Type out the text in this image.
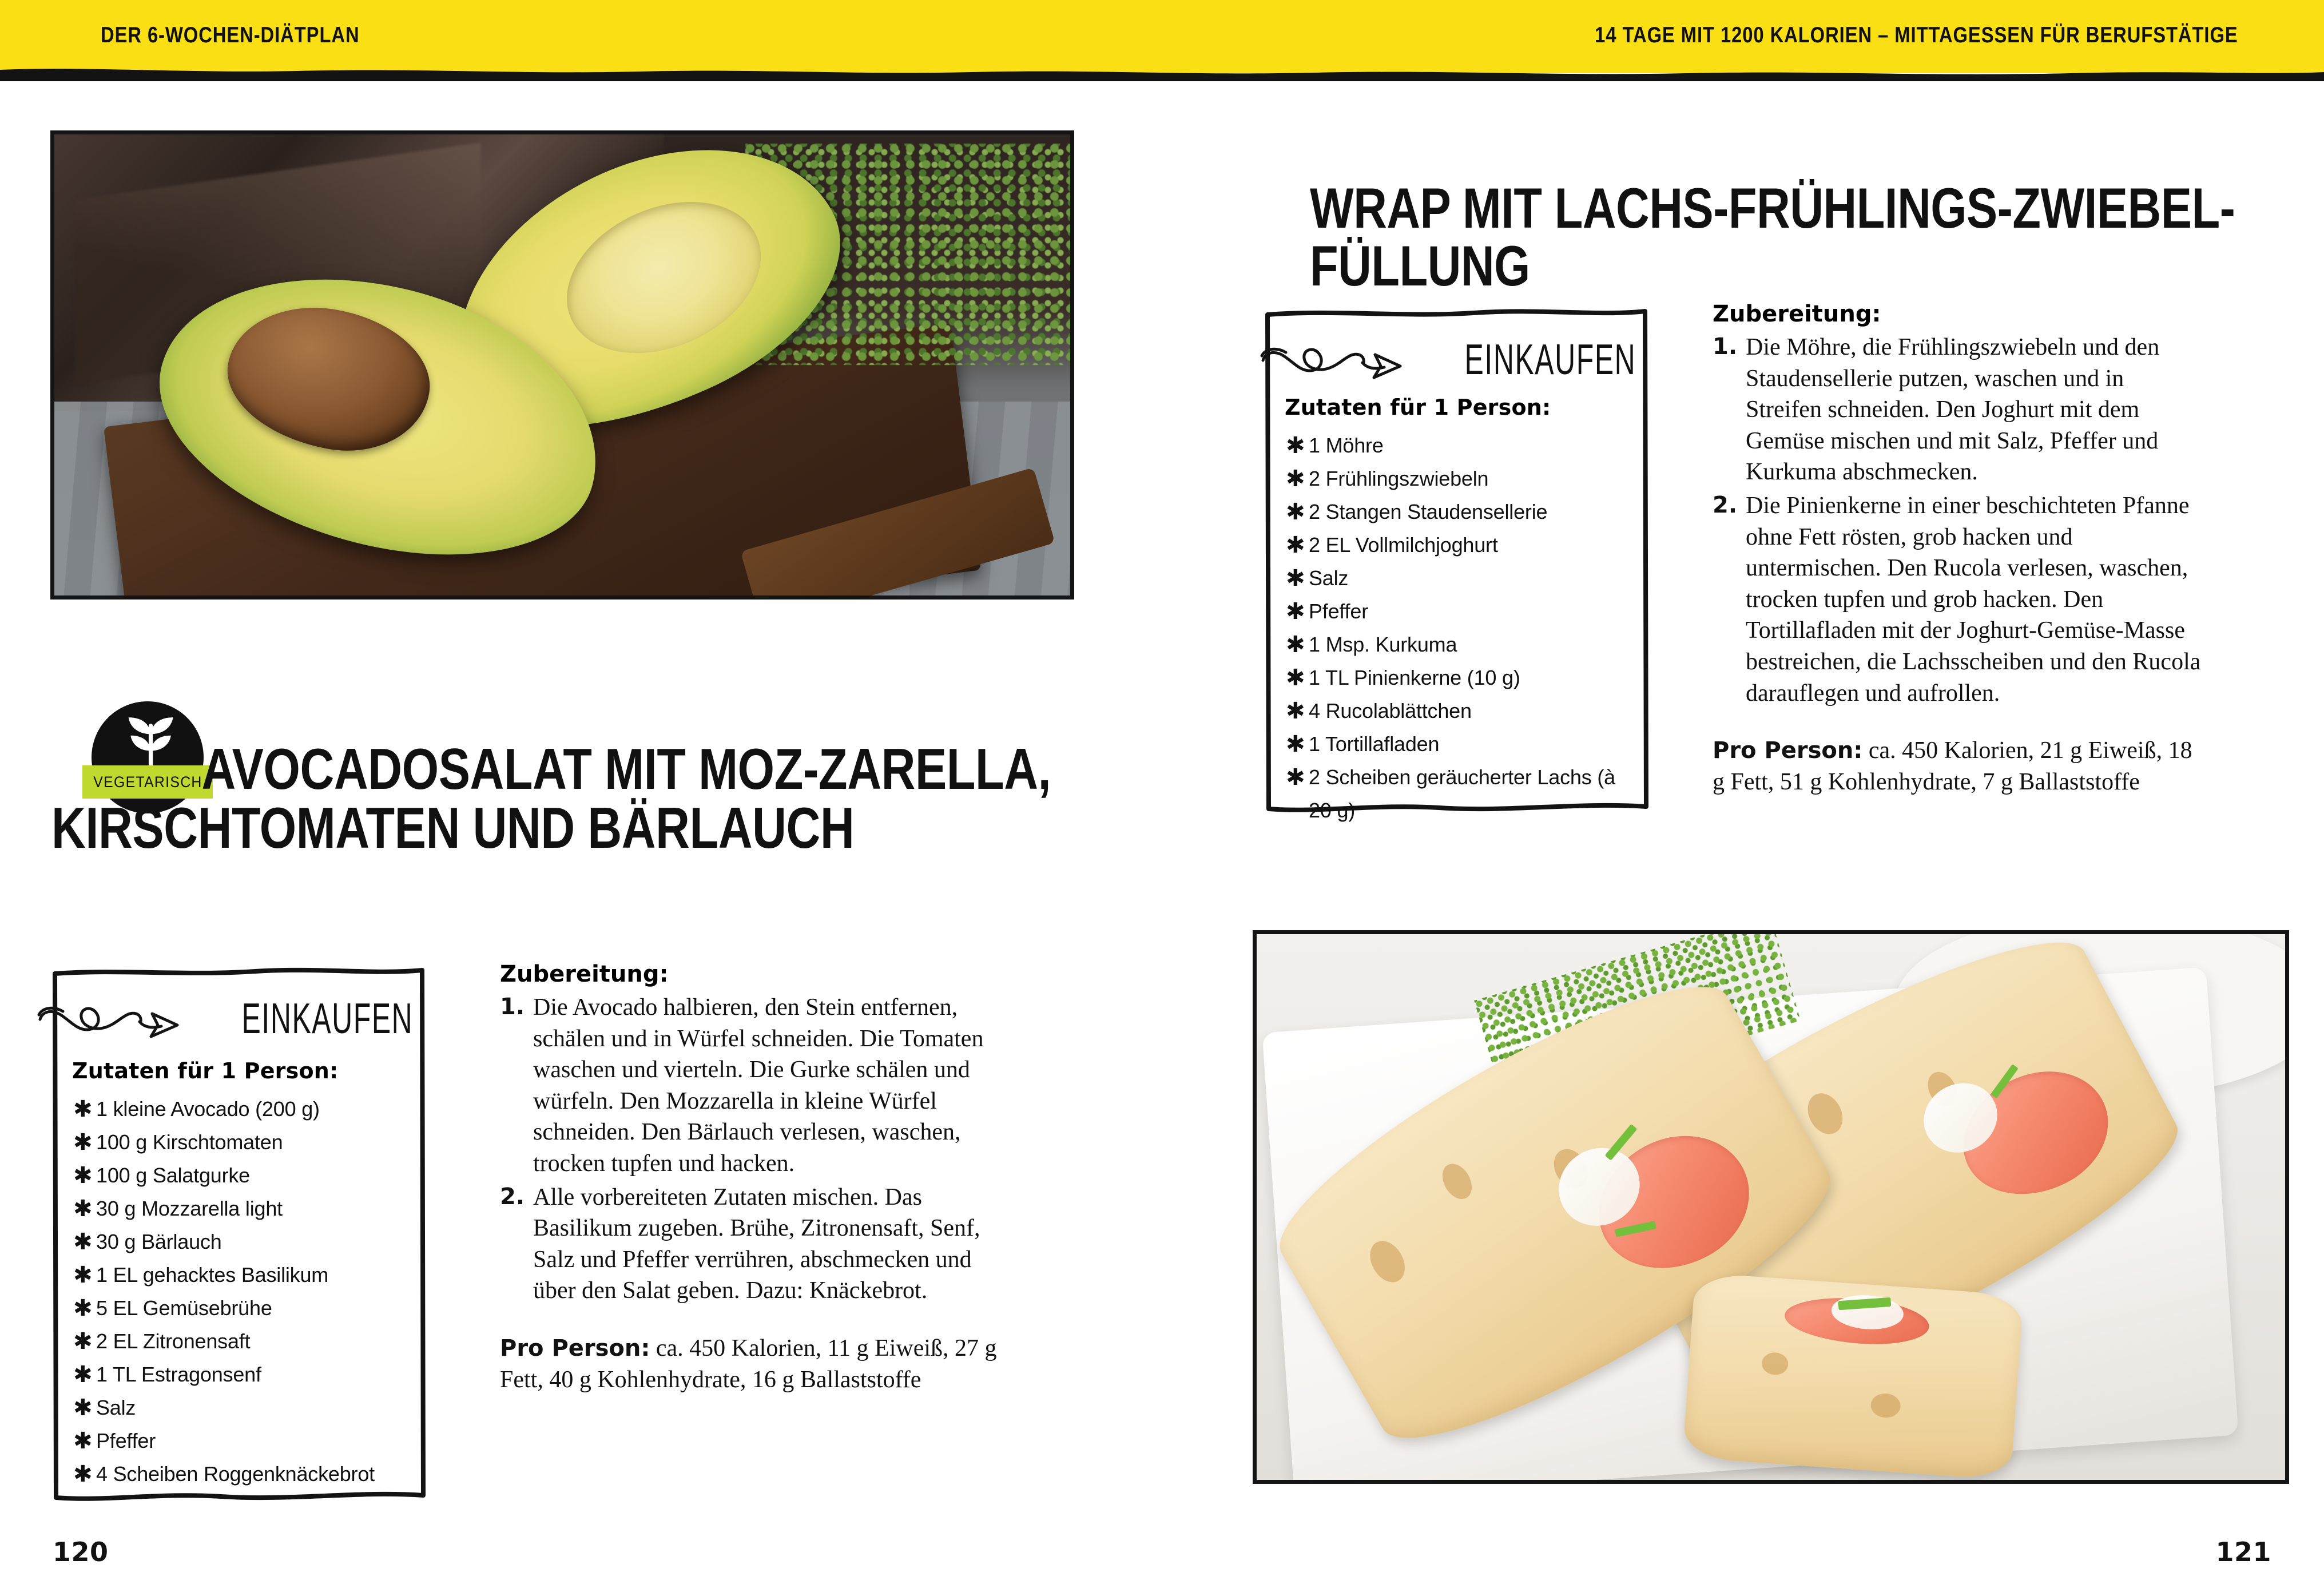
DER 6-WOCHEN-DIÄTPLAN	14 TAGE MIT 1200 KALORIEN – MITTAGESSEN FÜR BERUFSTÄTIGE
VEGETARISCH AVOCADOSALAT MIT MOZ-ZARELLA, KIRSCHTOMATEN UND BÄRLAUCH
EINKAUFEN
Zutaten für 1 Person:
✱ 1 kleine Avocado (200 g)
✱ 100 g Kirschtomaten
✱ 100 g Salatgurke
✱ 30 g Mozzarella light
✱ 30 g Bärlauch
✱ 1 EL gehacktes Basilikum
✱ 5 EL Gemüsebrühe
✱ 2 EL Zitronensaft
✱ 1 TL Estragonsenf
✱ Salz
✱ Pfeffer
✱ 4 Scheiben Roggenknäckebrot
Zubereitung:

1. Die Avocado halbieren, den Stein entfernen, schälen und in Würfel schneiden. Die Tomaten waschen und vierteln. Die Gurke schälen und würfeln. Den Mozzarella in kleine Würfel schneiden. Den Bärlauch verlesen, waschen, trocken tupfen und hacken.

2. Alle vorbereiteten Zutaten mischen. Das Basilikum zugeben. Brühe, Zitronensaft, Senf, Salz und Pfeffer verrühren, abschmecken und über den Salat geben. Dazu: Knäckebrot.

Pro Person: ca. 450 Kalorien, 11 g Eiweiß, 27 g Fett, 40 g Kohlenhydrate, 16 g Ballaststoffe

120
WRAP MIT LACHS-FRÜHLINGS-ZWIEBEL-FÜLLUNG
EINKAUFEN
Zutaten für 1 Person:
✱ 1 Möhre
✱ 2 Frühlingszwiebeln
✱ 2 Stangen Staudensellerie
✱ 2 EL Vollmilchjoghurt
✱ Salz
✱ Pfeffer
✱ 1 Msp. Kurkuma
✱ 1 TL Pinienkerne (10 g)
✱ 4 Rucolablättchen
✱ 1 Tortillafladen
✱ 2 Scheiben geräucherter Lachs (à 20 g)
Zubereitung:

1. Die Möhre, die Frühlingszwiebeln und den Staudensellerie putzen, waschen und in Streifen schneiden. Den Joghurt mit dem Gemüse mischen und mit Salz, Pfeffer und Kurkuma abschmecken.

2. Die Pinienkerne in einer beschichteten Pfanne ohne Fett rösten, grob hacken und untermischen. Den Rucola verlesen, waschen, trocken tupfen und grob hacken. Den Tortillafladen mit der Joghurt-Gemüse-Masse bestreichen, die Lachsscheiben und den Rucola darauflegen und aufrollen.

Pro Person: ca. 450 Kalorien, 21 g Eiweiß, 18 g Fett, 51 g Kohlenhydrate, 7 g Ballaststoffe

121
